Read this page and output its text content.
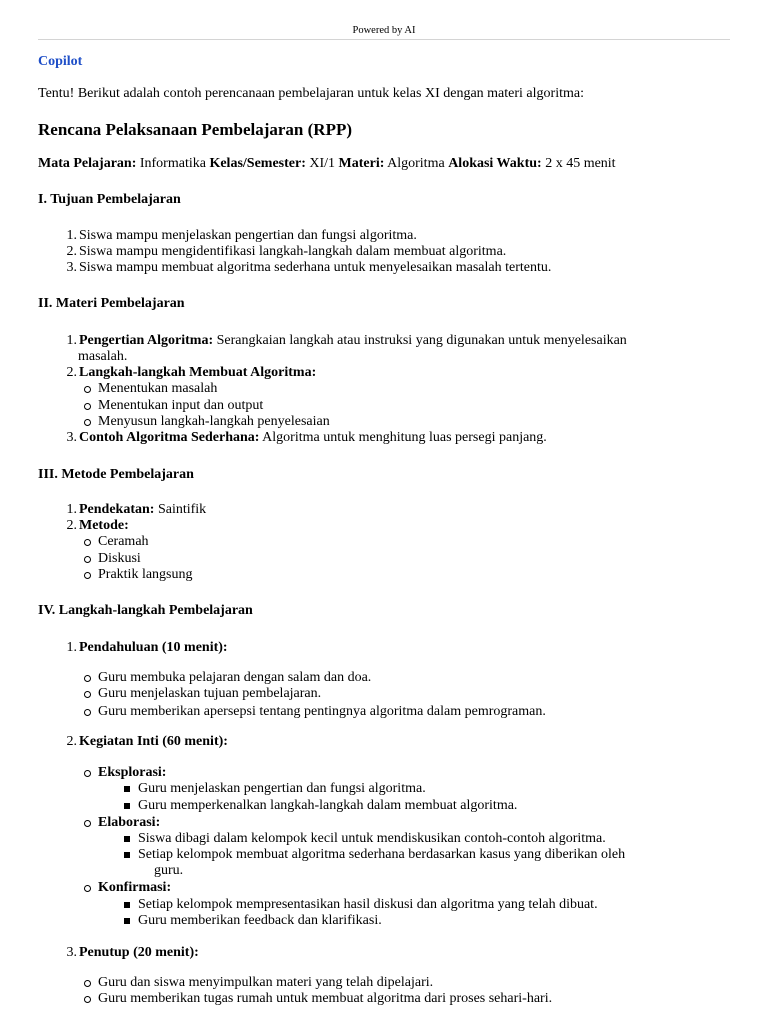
Powered by AI
Copilot
Tentu! Berikut adalah contoh perencanaan pembelajaran untuk kelas XI dengan materi algoritma:
Rencana Pelaksanaan Pembelajaran (RPP)
Mata Pelajaran: Informatika Kelas/Semester: XI/1 Materi: Algoritma Alokasi Waktu: 2 x 45 menit
I. Tujuan Pembelajaran
1. Siswa mampu menjelaskan pengertian dan fungsi algoritma.
2. Siswa mampu mengidentifikasi langkah-langkah dalam membuat algoritma.
3. Siswa mampu membuat algoritma sederhana untuk menyelesaikan masalah tertentu.
II. Materi Pembelajaran
1. Pengertian Algoritma: Serangkaian langkah atau instruksi yang digunakan untuk menyelesaikan
masalah.
2. Langkah-langkah Membuat Algoritma:
Menentukan masalah
Menentukan input dan output
Menyusun langkah-langkah penyelesaian
3. Contoh Algoritma Sederhana: Algoritma untuk menghitung luas persegi panjang.
III. Metode Pembelajaran
1. Pendekatan: Saintifik
2. Metode:
Ceramah
Diskusi
Praktik langsung
IV. Langkah-langkah Pembelajaran
1. Pendahuluan (10 menit):
Guru membuka pelajaran dengan salam dan doa.
Guru menjelaskan tujuan pembelajaran.
Guru memberikan apersepsi tentang pentingnya algoritma dalam pemrograman.
2. Kegiatan Inti (60 menit):
Eksplorasi:
Guru menjelaskan pengertian dan fungsi algoritma.
Guru memperkenalkan langkah-langkah dalam membuat algoritma.
Elaborasi:
Siswa dibagi dalam kelompok kecil untuk mendiskusikan contoh-contoh algoritma.
Setiap kelompok membuat algoritma sederhana berdasarkan kasus yang diberikan oleh
guru.
Konfirmasi:
Setiap kelompok mempresentasikan hasil diskusi dan algoritma yang telah dibuat.
Guru memberikan feedback dan klarifikasi.
3. Penutup (20 menit):
Guru dan siswa menyimpulkan materi yang telah dipelajari.
Guru memberikan tugas rumah untuk membuat algoritma dari proses sehari-hari.
